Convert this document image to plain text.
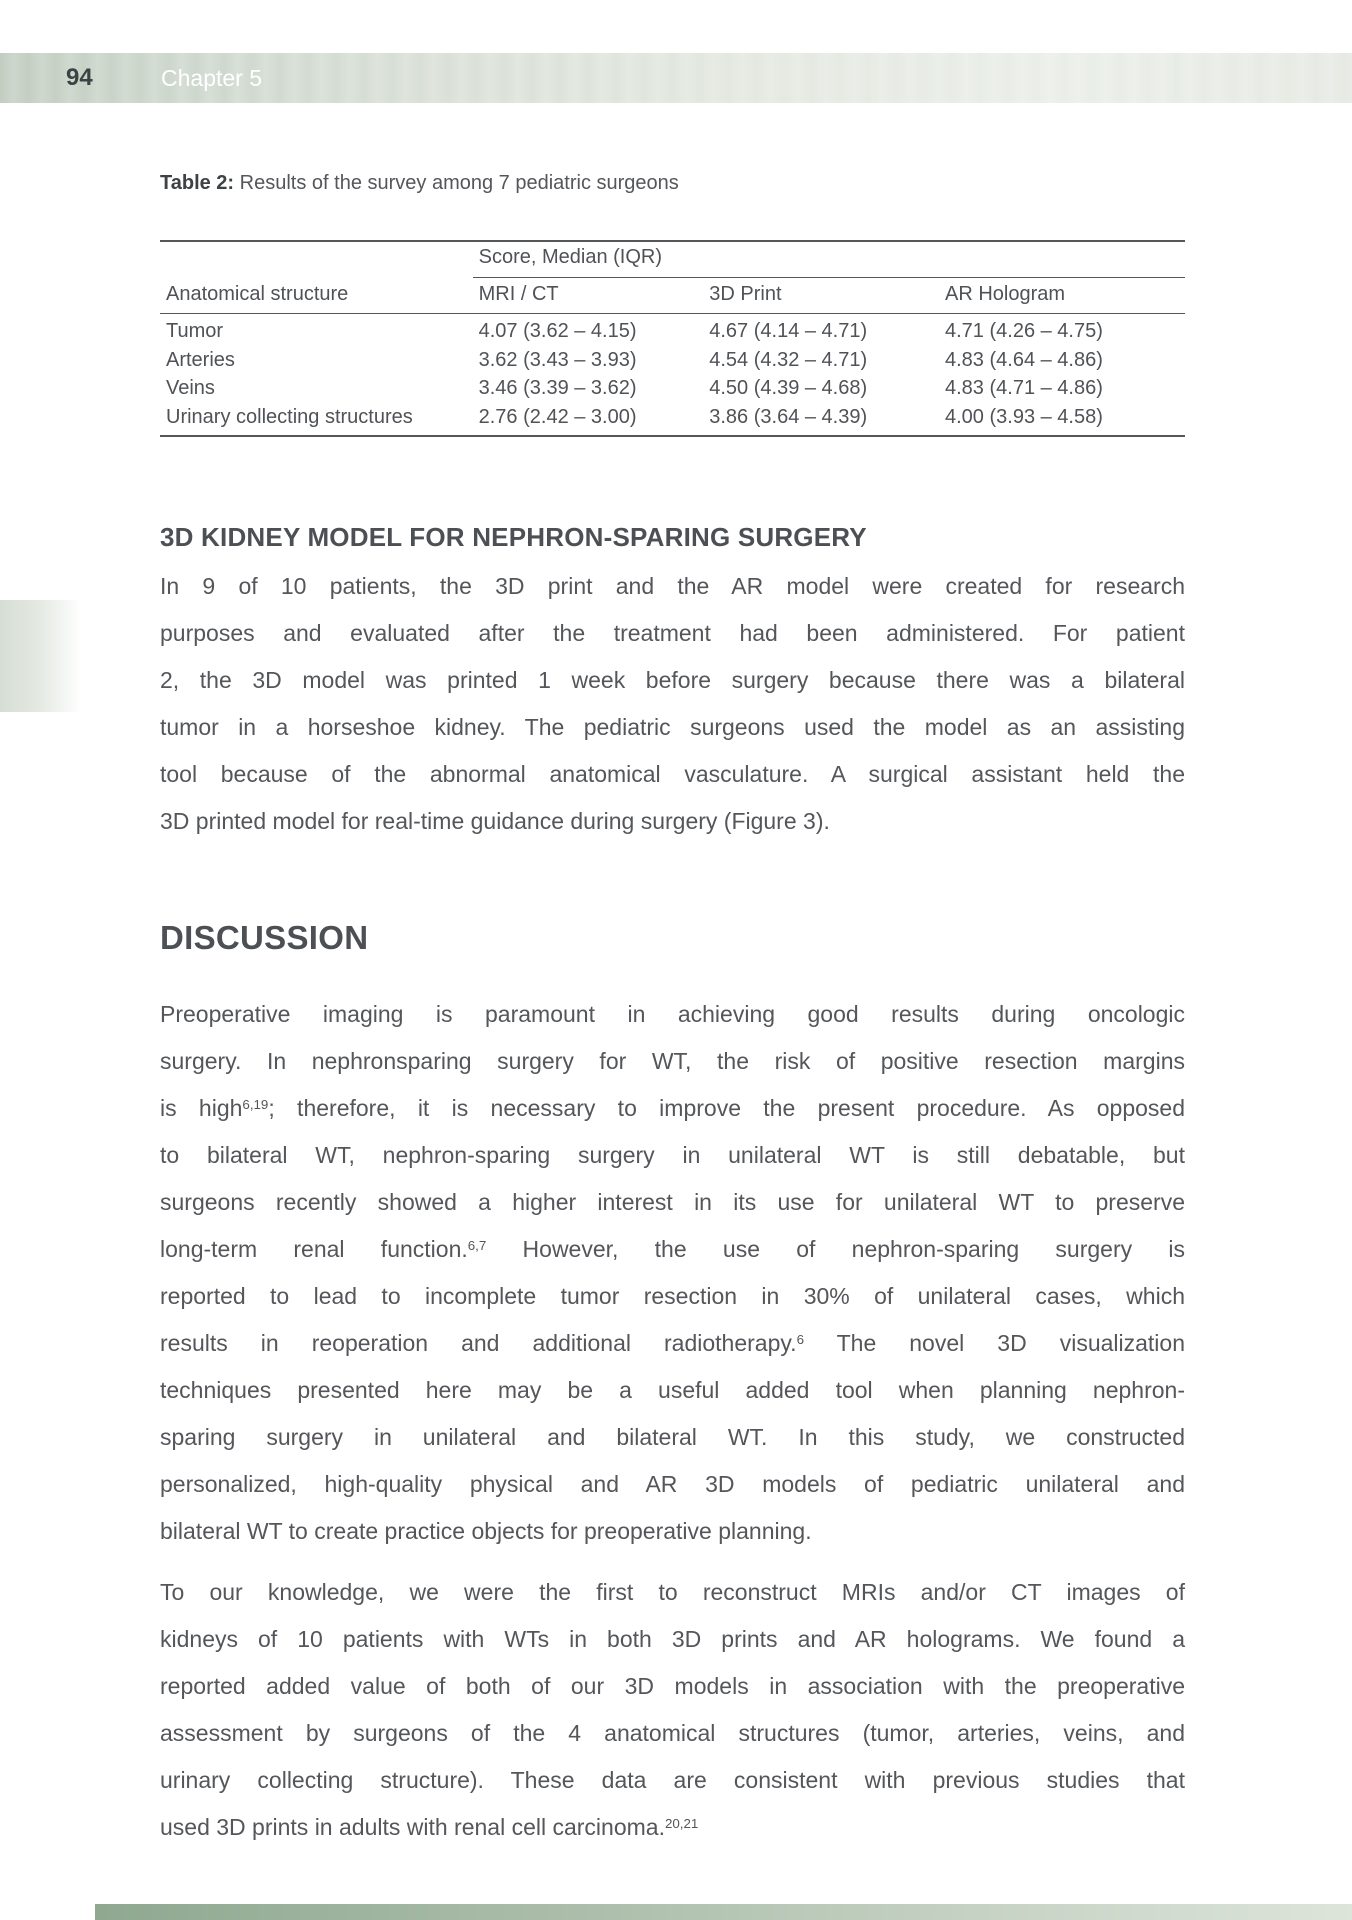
94	Chapter 5

Table 2: Results of the survey among 7 pediatric surgeons

	Score, Median (IQR)		
Anatomical structure	MRI / CT	3D Print	AR Hologram
Tumor	4.07 (3.62 – 4.15)	4.67 (4.14 – 4.71)	4.71 (4.26 – 4.75)
Arteries	3.62 (3.43 – 3.93)	4.54 (4.32 – 4.71)	4.83 (4.64 – 4.86)
Veins	3.46 (3.39 – 3.62)	4.50 (4.39 – 4.68)	4.83 (4.71 – 4.86)
Urinary collecting structures	2.76 (2.42 – 3.00)	3.86 (3.64 – 4.39)	4.00 (3.93 – 4.58)
3D KIDNEY MODEL FOR NEPHRON-SPARING SURGERY
In 9 of 10 patients, the 3D print and the AR model were created for research
purposes and evaluated after the treatment had been administered. For patient
2, the 3D model was printed 1 week before surgery because there was a bilateral
tumor in a horseshoe kidney. The pediatric surgeons used the model as an assisting
tool because of the abnormal anatomical vasculature. A surgical assistant held the
3D printed model for real-time guidance during surgery (Figure 3).
DISCUSSION
Preoperative imaging is paramount in achieving good results during oncologic
surgery. In nephronsparing surgery for WT, the risk of positive resection margins
is high$^{6,19}$; therefore, it is necessary to improve the present procedure. As opposed
to bilateral WT, nephron-sparing surgery in unilateral WT is still debatable, but
surgeons recently showed a higher interest in its use for unilateral WT to preserve
long-term renal function.$^{6,7}$ However, the use of nephron-sparing surgery is
reported to lead to incomplete tumor resection in 30% of unilateral cases, which
results in reoperation and additional radiotherapy.$^6$ The novel 3D visualization
techniques presented here may be a useful added tool when planning nephron-
sparing surgery in unilateral and bilateral WT. In this study, we constructed
personalized, high-quality physical and AR 3D models of pediatric unilateral and
bilateral WT to create practice objects for preoperative planning.
To our knowledge, we were the first to reconstruct MRIs and/or CT images of
kidneys of 10 patients with WTs in both 3D prints and AR holograms. We found a
reported added value of both of our 3D models in association with the preoperative
assessment by surgeons of the 4 anatomical structures (tumor, arteries, veins, and
urinary collecting structure). These data are consistent with previous studies that
used 3D prints in adults with renal cell carcinoma.$^{20,21}$
